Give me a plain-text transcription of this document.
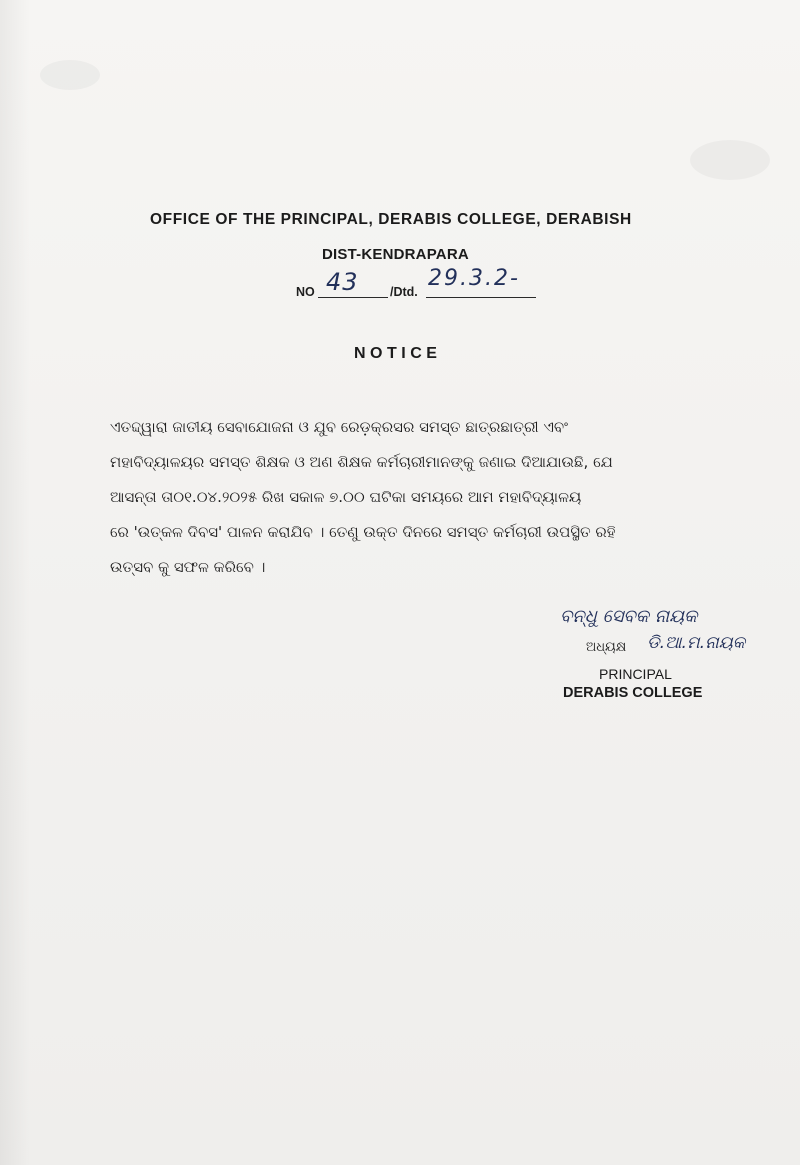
OFFICE OF THE PRINCIPAL, DERABIS COLLEGE, DERABISH
DIST-KENDRAPARA
NO 43	/Dtd.
29.3.2-
NOTICE
ଏତଦ୍ଦ୍ୱାରା ଜାତୀୟ ସେବାଯୋଜନା ଓ ଯୁବ ରେଡ଼କ୍ରସର ସମସ୍ତ ଛାତ୍ରଛାତ୍ରୀ ଏବଂ
ମହାବିଦ୍ୟାଳୟର ସମସ୍ତ ଶିକ୍ଷକ ଓ ଅଣ ଶିକ୍ଷକ କର୍ମଚାରୀମାନଙ୍କୁ ଜଣାଇ ଦିଆଯାଉଛି, ଯେ
ଆସନ୍ତା ତା୦୧.୦୪.୨୦୨୫ ରିଖ ସକାଳ ୭.୦୦ ଘଟିକା ସମୟରେ ଆମ ମହାବିଦ୍ୟାଳୟ
ରେ 'ଉତ୍କଳ ଦିବସ' ପାଳନ କରାଯିବ । ତେଣୁ ଉକ୍ତ ଦିନରେ ସମସ୍ତ କର୍ମଚାରୀ ଉପସ୍ଥିତ ରହି
ଉତ୍ସବ କୁ ସଫଳ କରିବେ ।
ବନ୍ଧୁ ସେବକ ନାୟକ
ଅଧ୍ୟକ୍ଷ ଡି.ଆ.ମ.ନାୟକ
PRINCIPAL
DERABIS COLLEGE
